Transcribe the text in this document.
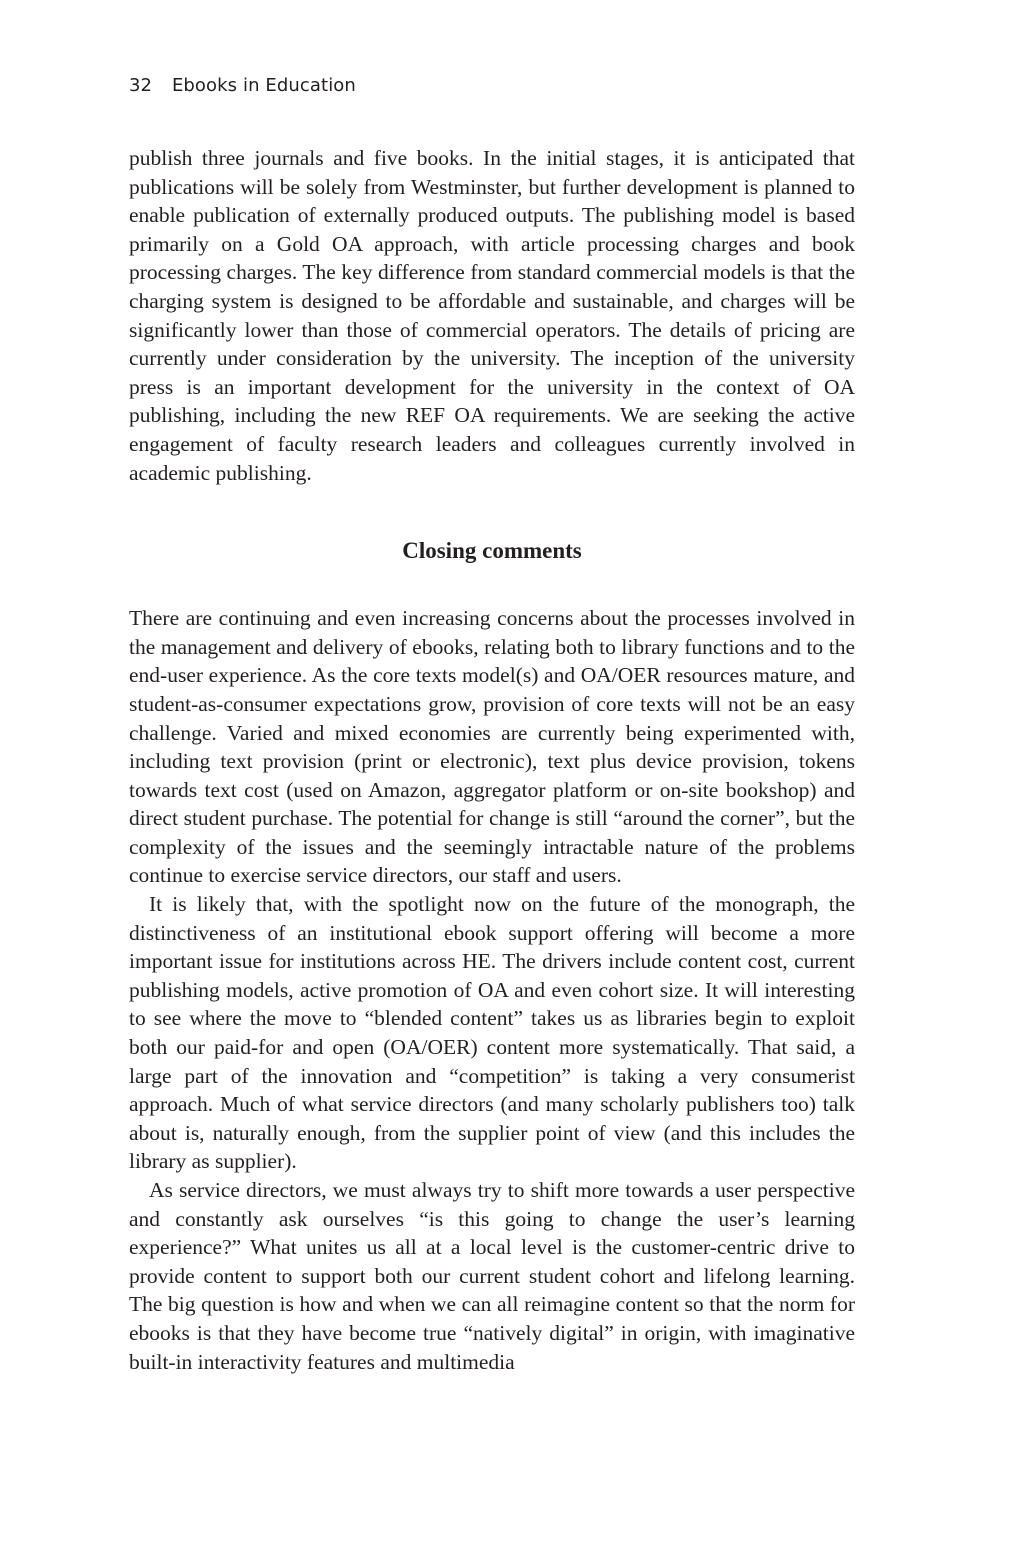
32 Ebooks in Education

publish three journals and five books. In the initial stages, it is anticipated that publications will be solely from Westminster, but further development is planned to enable publication of externally produced outputs. The publishing model is based primarily on a Gold OA approach, with article processing charges and book processing charges. The key difference from standard commercial models is that the charging system is designed to be affordable and sustainable, and charges will be significantly lower than those of commercial operators. The details of pricing are currently under consideration by the university. The inception of the university press is an important development for the university in the context of OA publishing, including the new REF OA requirements. We are seeking the active engagement of faculty research leaders and colleagues currently involved in academic publishing.

Closing comments

There are continuing and even increasing concerns about the processes involved in the management and delivery of ebooks, relating both to library functions and to the end-user experience. As the core texts model(s) and OA/​OER resources mature, and student-as-consumer expectations grow, provision of core texts will not be an easy challenge. Varied and mixed economies are currently being experimented with, including text provision (print or electronic), text plus device provision, tokens towards text cost (used on Amazon, aggregator platform or on-site bookshop) and direct student purchase. The potential for change is still “around the corner”, but the complexity of the issues and the seemingly intractable nature of the problems continue to exercise service directors, our staff and users.

It is likely that, with the spotlight now on the future of the monograph, the distinctiveness of an institutional ebook support offering will become a more important issue for institutions across HE. The drivers include content cost, current publishing models, active promotion of OA and even cohort size. It will interesting to see where the move to “blended content” takes us as libraries begin to exploit both our paid-for and open (OA/OER) content more systematically. That said, a large part of the innovation and “competition” is taking a very consumerist approach. Much of what service directors (and many scholarly publishers too) talk about is, naturally enough, from the supplier point of view (and this includes the library as supplier).

As service directors, we must always try to shift more towards a user perspective and constantly ask ourselves “is this going to change the user’s learning experience?” What unites us all at a local level is the customer-centric drive to provide content to support both our current student cohort and lifelong learning. The big question is how and when we can all reimagine content so that the norm for ebooks is that they have become true “natively digital” in origin, with imaginative built-in interactivity features and multimedia
